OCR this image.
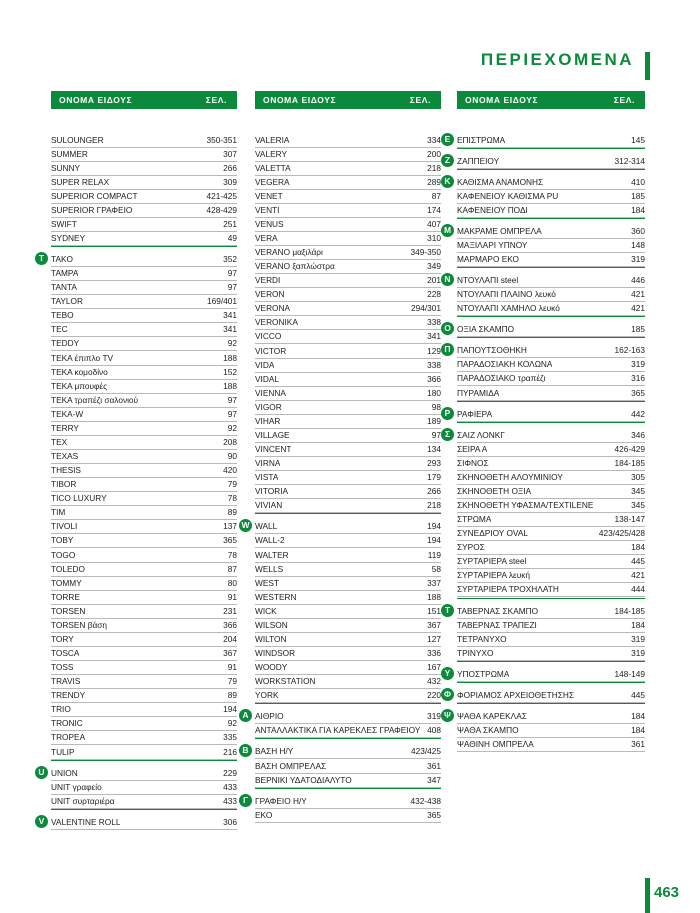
ΠΕΡΙΕΧΟΜΕΝΑ
ΟΝΟΜΑ ΕΙΔΟΥΣ	ΣΕΛ.
SULOUNGER	350-351
SUMMER	307
SUNNY	266
SUPER RELAX	309
SUPERIOR COMPACT	421-425
SUPERIOR ΓΡΑΦΕΙΟ	428-429
SWIFT	251
SYDNEY	49
TAKO	352
T
TAMPA	97
TANTA	97
TAYLOR	169/401
TEBO	341
TEC	341
TEDDY	92
TEKA έπιπλο TV	188
TEKA κομοδίνο	152
TEKA μπουφές	188
TEKA τραπέζι σαλονιού	97
TEKA-W	97
TERRY	92
TEX	208
TEXAS	90
THESIS	420
TIBOR	79
TICO LUXURY	78
TIM	89
TIVOLI	137
TOBY	365
TOGO	78
TOLEDO	87
TOMMY	80
TORRE	91
TORSEN	231
TORSEN βάση	366
TORY	204
TOSCA	367
TOSS	91
TRAVIS	79
TRENDY	89
TRIO	194
TRONIC	92
TROPEA	335
TULIP	216
UNION	229
U
UNIT γραφείο	433
UNIT συρταριέρα	433
VALENTINE ROLL	306
V
ΟΝΟΜΑ ΕΙΔΟΥΣ	ΣΕΛ.
VALERIA	334
VALERY	200
VALETTA	218
VEGERA	289
VENET	87
VENTI	174
VENUS	407
VERA	310
VERANO μαξιλάρι	349-350
VERANO ξαπλώστρα	349
VERDI	201
VERON	228
VERONA	294/301
VERONIKA	338
VICCO	341
VICTOR	129
VIDA	338
VIDAL	366
VIENNA	180
VIGOR	98
VIHAR	189
VILLAGE	97
VINCENT	134
VIRNA	293
VISTA	179
VITORIA	266
VIVIAN	218
WALL	194
W
WALL-2	194
WALTER	119
WELLS	58
WEST	337
WESTERN	188
WICK	151
WILSON	367
WILTON	127
WINDSOR	336
WOODY	167
WORKSTATION	432
YORK	220
ΑΙΘΡΙΟ	319
A
ΑΝΤΑΛΛΑΚΤΙΚΑ ΓΙΑ ΚΑΡΕΚΛΕΣ ΓΡΑΦΕΙΟΥ 408
ΒΑΣΗ Η/Υ	423/425
B
ΒΑΣΗ ΟΜΠΡΕΛΑΣ	361
ΒΕΡΝΙΚΙ ΥΔΑΤΟΔΙΑΛΥΤΟ	347
ΓΡΑΦΕΙΟ Η/Υ	432-438
Γ
ΕΚΟ	365
ΟΝΟΜΑ ΕΙΔΟΥΣ	ΣΕΛ.
ΕΠΙΣΤΡΩΜΑ	145
E
ΖΑΠΠΕΙΟΥ	312-314
Z
ΚΑΘΙΣΜΑ ΑΝΑΜΟΝΗΣ	410
K
ΚΑΦΕΝΕΙΟΥ ΚΑΘΙΣΜΑ PU	185
ΚΑΦΕΝΕΙΟΥ ΠΟΔΙ	184
ΜΑΚΡΑΜΕ ΟΜΠΡΕΛΑ	360
M
ΜΑΞΙΛΑΡΙ ΥΠΝΟΥ	148
ΜΑΡΜΑΡΟ ΕΚΟ	319
ΝΤΟΥΛΑΠΙ steel	446
N
ΝΤΟΥΛΑΠΙ ΠΛΑΙΝΟ λευκό	421
ΝΤΟΥΛΑΠΙ ΧΑΜΗΛΟ λευκό	421
ΟΞΙΑ ΣΚΑΜΠΟ	185
O
ΠΑΠΟΥΤΣΟΘΗΚΗ	162-163
Π
ΠΑΡΑΔΟΣΙΑΚΗ ΚΟΛΩΝΑ	319
ΠΑΡΑΔΟΣΙΑΚΟ τραπέζι	316
ΠΥΡΑΜΙΔΑ	365
ΡΑΦΙΕΡΑ	442
P
ΣΑΙΖ ΛΟΝΚΓ	346
Σ
ΣΕΙΡΑ Α	426-429
ΣΙΦΝΟΣ	184-185
ΣΚΗΝΟΘΕΤΗ ΑΛΟΥΜΙΝΙΟΥ	305
ΣΚΗΝΟΘΕΤΗ ΟΞΙΑ	345
ΣΚΗΝΟΘΕΤΗ ΥΦΑΣΜΑ/TEXTILENE	345
ΣΤΡΩΜΑ	138-147
ΣΥΝΕΔΡΙΟΥ OVAL	423/425/428
ΣΥΡΟΣ	184
ΣΥΡΤΑΡΙΕΡΑ steel	445
ΣΥΡΤΑΡΙΕΡΑ λευκή	421
ΣΥΡΤΑΡΙΕΡΑ ΤΡΟΧΗΛΑΤΗ	444
ΤΑΒΕΡΝΑΣ ΣΚΑΜΠΟ	184-185
T
ΤΑΒΕΡΝΑΣ ΤΡΑΠΕΖΙ	184
ΤΕΤΡΑΝΥΧΟ	319
ΤΡΙΝΥΧΟ	319
ΥΠΟΣΤΡΩΜΑ	148-149
Y
ΦΟΡΙΑΜΟΣ ΑΡΧΕΙΟΘΕΤΗΣΗΣ	445
Φ
ΨΑΘΑ ΚΑΡΕΚΛΑΣ	184
Ψ
ΨΑΘΑ ΣΚΑΜΠΟ	184
ΨΑΘΙΝΗ ΟΜΠΡΕΛΑ	361
463
